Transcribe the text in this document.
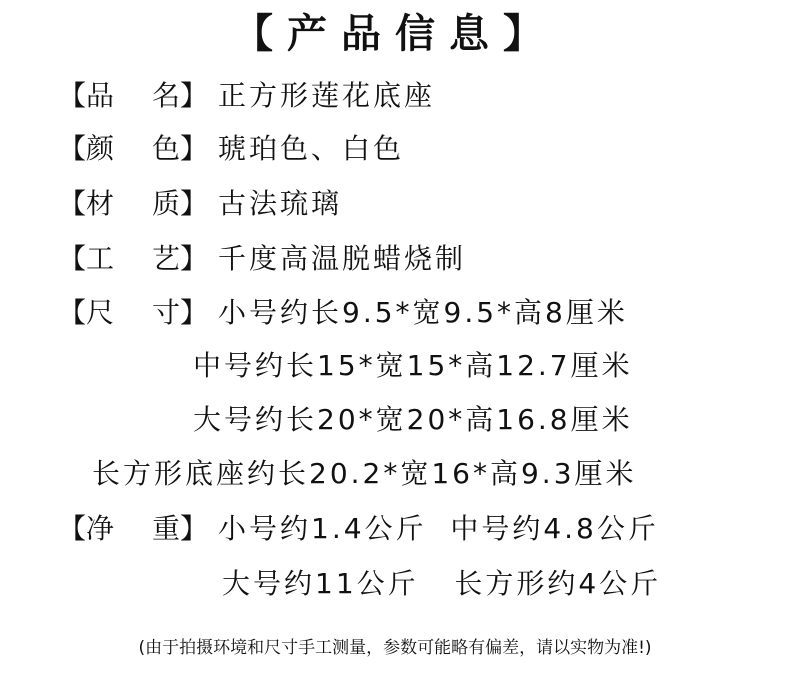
【产品信息】
【品 名】 正方形莲花底座
【颜 色】 琥珀色、白色
【材 质】 古法琉璃
【工 艺】 千度高温脱蜡烧制
【尺 寸】 小号约长9.5*宽9.5*高8厘米
中号约长15*宽15*高12.7厘米
大号约长20*宽20*高16.8厘米
长方形底座约长20.2*宽16*高9.3厘米
【净 重】 小号约1.4公斤  中号约4.8公斤
大号约11公斤   长方形约4公斤
(由于拍摄环境和尺寸手工测量，参数可能略有偏差，请以实物为准!)
